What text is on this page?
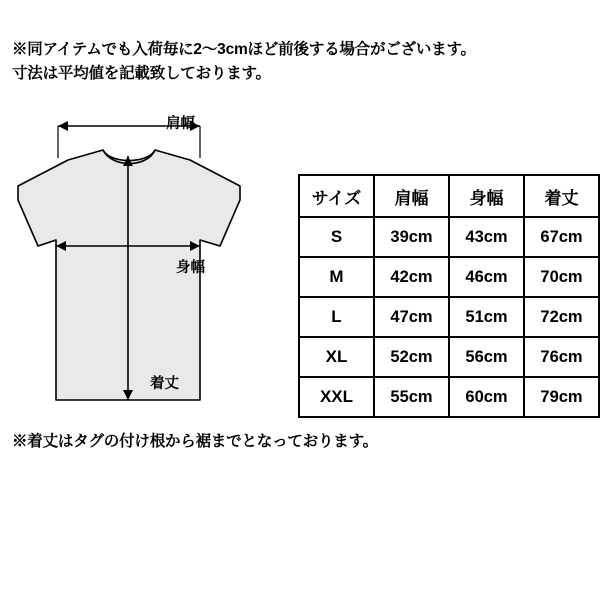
※同アイテムでも入荷毎に2～3cmほど前後する場合がございます。
寸法は平均値を記載致しております。
肩幅
身幅
着丈
サイズ	肩幅	身幅	着丈
S	39cm	43cm	67cm
M	42cm	46cm	70cm
L	47cm	51cm	72cm
XL	52cm	56cm	76cm
XXL	55cm	60cm	79cm
※着丈はタグの付け根から裾までとなっております。
